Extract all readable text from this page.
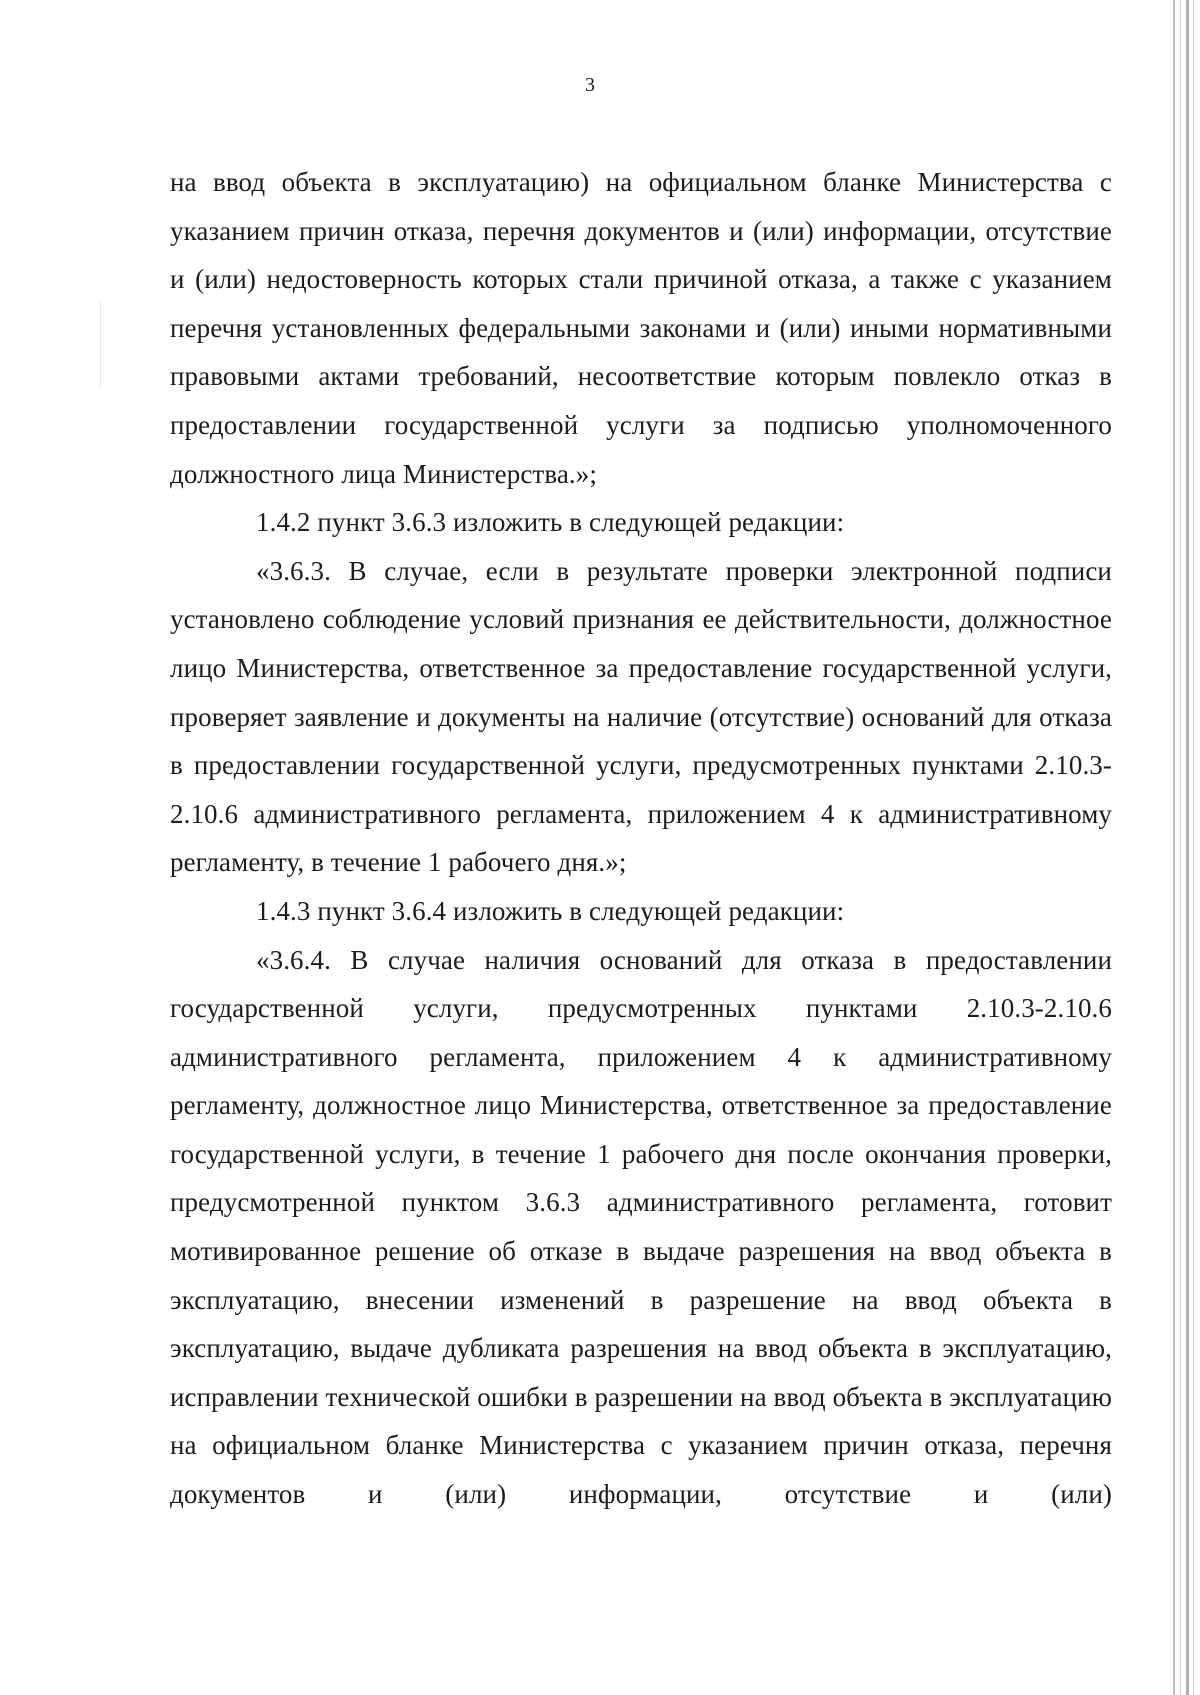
3

на ввод объекта в эксплуатацию) на официальном бланке Министерства с указанием причин отказа, перечня документов и (или) информации, отсутствие и (или) недостоверность которых стали причиной отказа, а также с указанием перечня установленных федеральными законами и (или) иными нормативными правовыми актами требований, несоответствие которым повлекло отказ в предоставлении государственной услуги за подписью уполномоченного должностного лица Министерства.»;

1.4.2 пункт 3.6.3 изложить в следующей редакции:

«3.6.3. В случае, если в результате проверки электронной подписи установлено соблюдение условий признания ее действительности, должностное лицо Министерства, ответственное за предоставление государственной услуги, проверяет заявление и документы на наличие (отсутствие) оснований для отказа в предоставлении государственной услуги, предусмотренных пунктами 2.10.3-2.10.6 административного регламента, приложением 4 к административному регламенту, в течение 1 рабочего дня.»;

1.4.3 пункт 3.6.4 изложить в следующей редакции:

«3.6.4. В случае наличия оснований для отказа в предоставлении государственной услуги, предусмотренных пунктами 2.10.3-2.10.6 административного регламента, приложением 4 к административному регламенту, должностное лицо Министерства, ответственное за предоставление государственной услуги, в течение 1 рабочего дня после окончания проверки, предусмотренной пунктом 3.6.3 административного регламента, готовит мотивированное решение об отказе в выдаче разрешения на ввод объекта в эксплуатацию, внесении изменений в разрешение на ввод объекта в эксплуатацию, выдаче дубликата разрешения на ввод объекта в эксплуатацию, исправлении технической ошибки в разрешении на ввод объекта в эксплуатацию на официальном бланке Министерства с указанием причин отказа, перечня документов и (или) информации, отсутствие и (или)
